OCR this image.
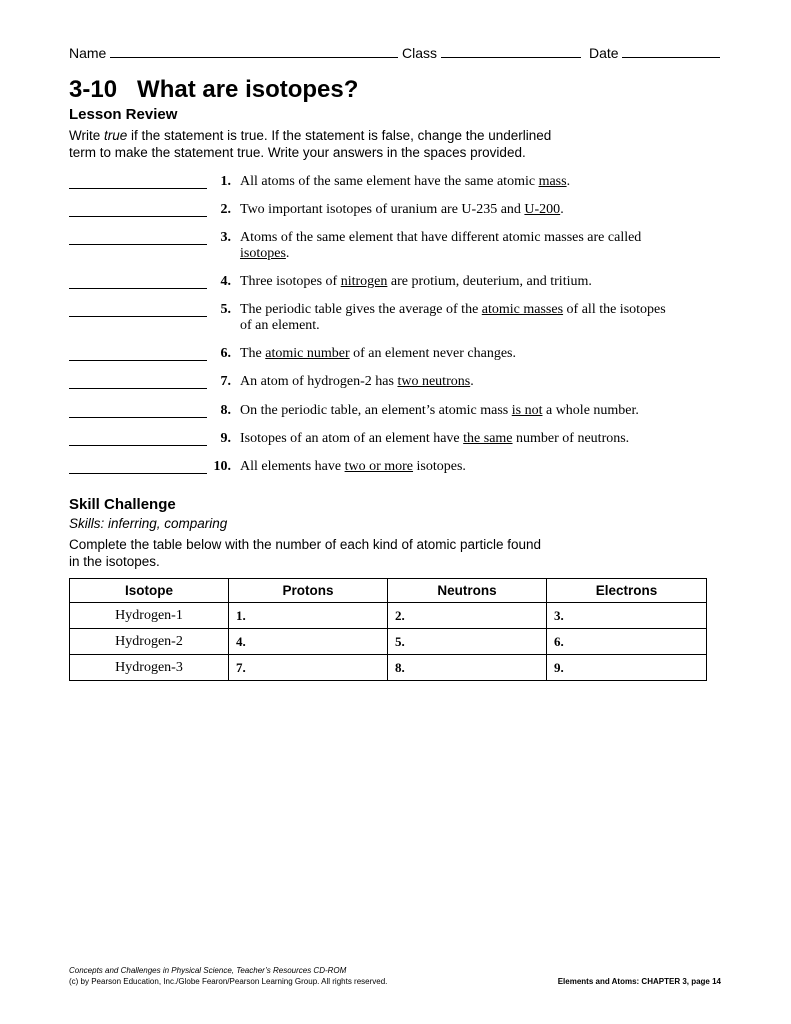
Name	Class	Date
3-10   What are isotopes?
Lesson Review
Write true if the statement is true. If the statement is false, change the underlined
term to make the statement true. Write your answers in the spaces provided.
1. All atoms of the same element have the same atomic mass.
2. Two important isotopes of uranium are U-235 and U-200.
3. Atoms of the same element that have different atomic masses are called
isotopes.
4. Three isotopes of nitrogen are protium, deuterium, and tritium.
5. The periodic table gives the average of the atomic masses of all the isotopes
of an element.
6. The atomic number of an element never changes.
7. An atom of hydrogen-2 has two neutrons.
8. On the periodic table, an element’s atomic mass is not a whole number.
9. Isotopes of an atom of an element have the same number of neutrons.
10. All elements have two or more isotopes.
Skill Challenge
Skills: inferring, comparing
Complete the table below with the number of each kind of atomic particle found
in the isotopes.
Isotope	Protons	Neutrons	Electrons
Hydrogen-1	1.	2.	3.
Hydrogen-2	4.	5.	6.
Hydrogen-3	7.	8.	9.
Concepts and Challenges in Physical Science, Teacher’s Resources CD-ROM
(c) by Pearson Education, Inc./Globe Fearon/Pearson Learning Group. All rights reserved.	Elements and Atoms: CHAPTER 3, page 14
